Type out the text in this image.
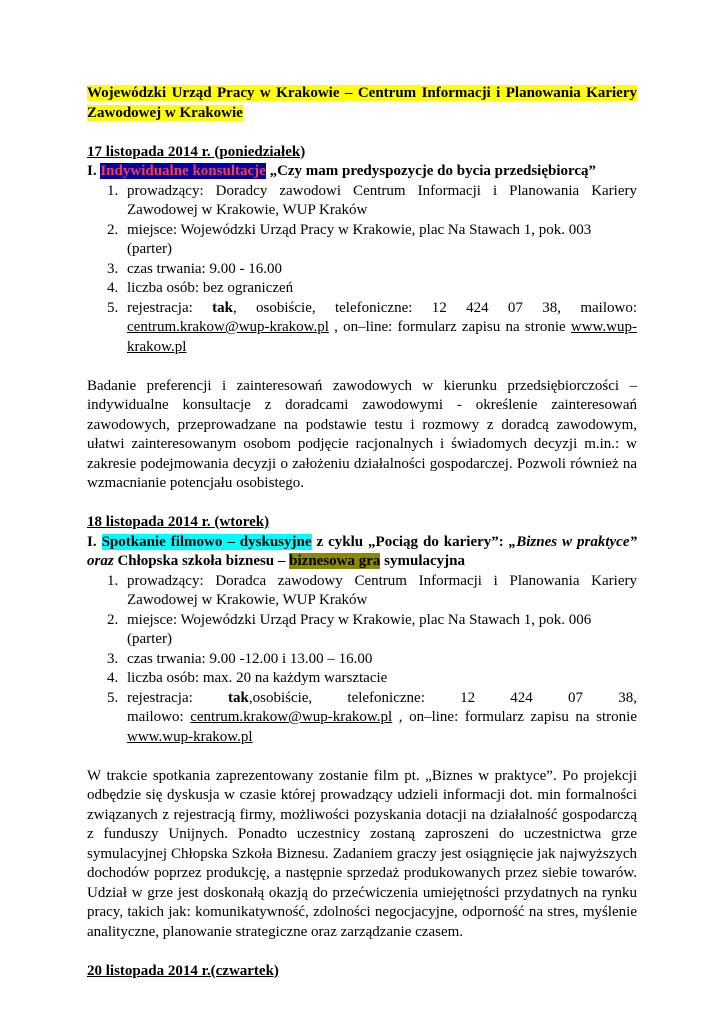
Wojewódzki Urząd Pracy w Krakowie – Centrum Informacji i Planowania Kariery Zawodowej w Krakowie

17 listopada 2014 r. (poniedziałek)

I. Indywidualne konsultacje „Czy mam predyspozycje do bycia przedsiębiorcą”

1. prowadzący: Doradcy zawodowi Centrum Informacji i Planowania Kariery Zawodowej w Krakowie, WUP Kraków
2. miejsce: Wojewódzki Urząd Pracy w Krakowie, plac Na Stawach 1, pok. 003 (parter)
3. czas trwania: 9.00 - 16.00
4. liczba osób: bez ograniczeń
5. rejestracja: tak, osobiście, telefoniczne: 12 424 07 38, mailowo: centrum.krakow@wup-krakow.pl , on–line: formularz zapisu na stronie www.wup-krakow.pl

Badanie preferencji i zainteresowań zawodowych w kierunku przedsiębiorczości – indywidualne konsultacje z doradcami zawodowymi - określenie zainteresowań zawodowych, przeprowadzane na podstawie testu i rozmowy z doradcą zawodowym, ułatwi zainteresowanym osobom podjęcie racjonalnych i świadomych decyzji m.in.: w zakresie podejmowania decyzji o założeniu działalności gospodarczej. Pozwoli również na wzmacnianie potencjału osobistego.

18 listopada 2014 r. (wtorek)

I. Spotkanie filmowo – dyskusyjne z cyklu „Pociąg do kariery”: „Biznes w praktyce” oraz Chłopska szkoła biznesu – biznesowa gra symulacyjna

1. prowadzący: Doradca zawodowy Centrum Informacji i Planowania Kariery Zawodowej w Krakowie, WUP Kraków
2. miejsce: Wojewódzki Urząd Pracy w Krakowie, plac Na Stawach 1, pok. 006 (parter)
3. czas trwania: 9.00 -12.00 i 13.00 – 16.00
4. liczba osób: max. 20 na każdym warsztacie
5. rejestracja: tak,osobiście, telefoniczne: 12 424 07 38,
mailowo: centrum.krakow@wup-krakow.pl , on–line: formularz zapisu na stronie
www.wup-krakow.pl

W trakcie spotkania zaprezentowany zostanie film pt. „Biznes w praktyce”. Po projekcji odbędzie się dyskusja w czasie której prowadzący udzieli informacji dot. min formalności związanych z rejestracją firmy, możliwości pozyskania dotacji na działalność gospodarczą z funduszy Unijnych. Ponadto uczestnicy zostaną zaproszeni do uczestnictwa grze symulacyjnej Chłopska Szkoła Biznesu. Zadaniem graczy jest osiągnięcie jak najwyższych dochodów poprzez produkcję, a następnie sprzedaż produkowanych przez siebie towarów. Udział w grze jest doskonałą okazją do przećwiczenia umiejętności przydatnych na rynku pracy, takich jak: komunikatywność, zdolności negocjacyjne, odporność na stres, myślenie analityczne, planowanie strategiczne oraz zarządzanie czasem.

20 listopada 2014 r.(czwartek)
